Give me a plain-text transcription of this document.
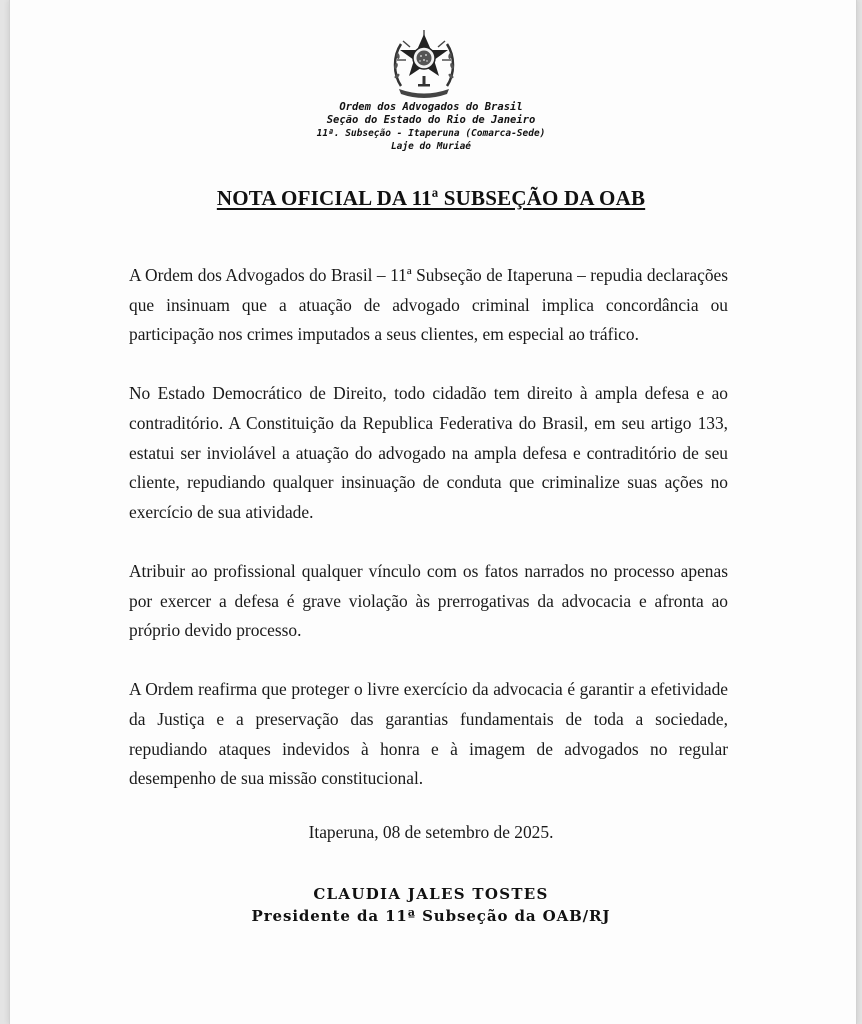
Ordem dos Advogados do Brasil
Seção do Estado do Rio de Janeiro
11ª. Subseção - Itaperuna (Comarca-Sede)
Laje do Muriaé
NOTA OFICIAL DA 11ª SUBSEÇÃO DA OAB

A Ordem dos Advogados do Brasil – 11ª Subseção de Itaperuna – repudia declarações que insinuam que a atuação de advogado criminal implica concordância ou participação nos crimes imputados a seus clientes, em especial ao tráfico.

No Estado Democrático de Direito, todo cidadão tem direito à ampla defesa e ao contraditório. A Constituição da Republica Federativa do Brasil, em seu artigo 133, estatui ser inviolável a atuação do advogado na ampla defesa e contraditório de seu cliente, repudiando qualquer insinuação de conduta que criminalize suas ações no exercício de sua atividade.

Atribuir ao profissional qualquer vínculo com os fatos narrados no processo apenas por exercer a defesa é grave violação às prerrogativas da advocacia e afronta ao próprio devido processo.

A Ordem reafirma que proteger o livre exercício da advocacia é garantir a efetividade da Justiça e a preservação das garantias fundamentais de toda a sociedade, repudiando ataques indevidos à honra e à imagem de advogados no regular desempenho de sua missão constitucional.

Itaperuna, 08 de setembro de 2025.
CLAUDIA JALES TOSTES
Presidente da 11ª Subseção da OAB/RJ
